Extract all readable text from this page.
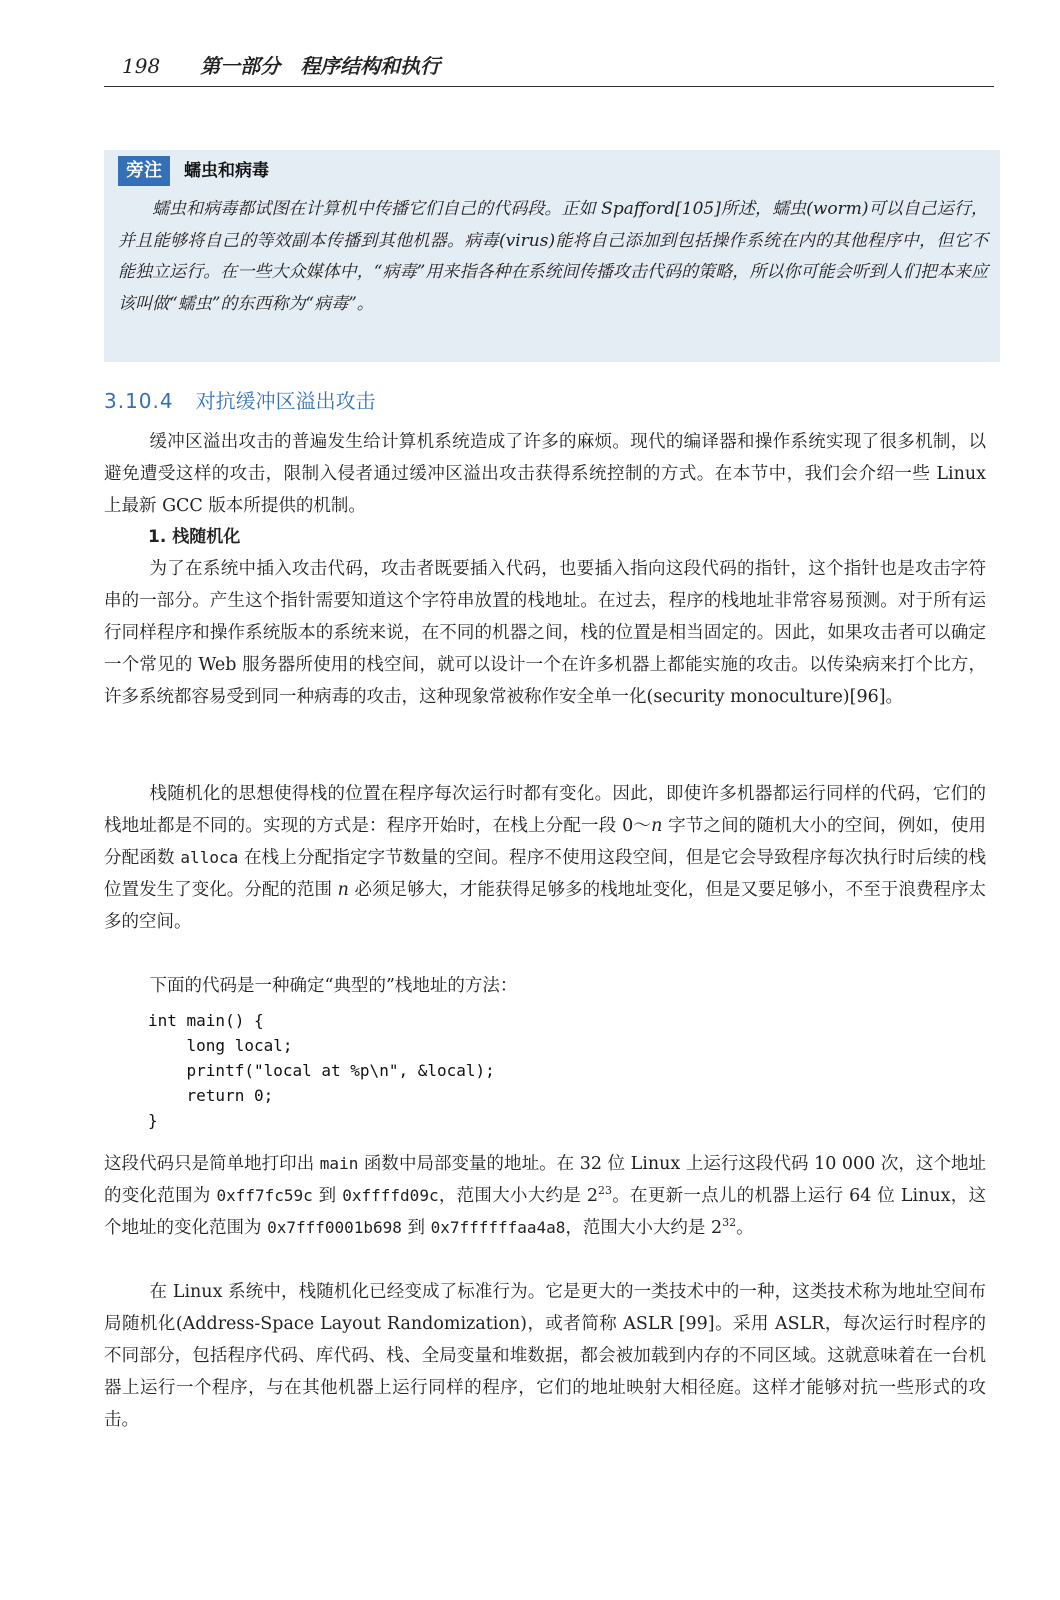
198 第一部分 程序结构和执行
旁注 蠕虫和病毒
蠕虫和病毒都试图在计算机中传播它们自己的代码段。正如 Spafford[105]所述，蠕虫(worm)可以自己运行，并且能够将自己的等效副本传播到其他机器。病毒(virus)能将自己添加到包括操作系统在内的其他程序中，但它不能独立运行。在一些大众媒体中，“病毒”用来指各种在系统间传播攻击代码的策略，所以你可能会听到人们把本来应该叫做“蠕虫”的东西称为“病毒”。
3.10.4 对抗缓冲区溢出攻击
缓冲区溢出攻击的普遍发生给计算机系统造成了许多的麻烦。现代的编译器和操作系统实现了很多机制，以避免遭受这样的攻击，限制入侵者通过缓冲区溢出攻击获得系统控制的方式。在本节中，我们会介绍一些 Linux 上最新 GCC 版本所提供的机制。
1. 栈随机化
为了在系统中插入攻击代码，攻击者既要插入代码，也要插入指向这段代码的指针，这个指针也是攻击字符串的一部分。产生这个指针需要知道这个字符串放置的栈地址。在过去，程序的栈地址非常容易预测。对于所有运行同样程序和操作系统版本的系统来说，在不同的机器之间，栈的位置是相当固定的。因此，如果攻击者可以确定一个常见的 Web 服务器所使用的栈空间，就可以设计一个在许多机器上都能实施的攻击。以传染病来打个比方，许多系统都容易受到同一种病毒的攻击，这种现象常被称作安全单一化(security monoculture)[96]。
栈随机化的思想使得栈的位置在程序每次运行时都有变化。因此，即使许多机器都运行同样的代码，它们的栈地址都是不同的。实现的方式是：程序开始时，在栈上分配一段 0～n 字节之间的随机大小的空间，例如，使用分配函数 alloca 在栈上分配指定字节数量的空间。程序不使用这段空间，但是它会导致程序每次执行时后续的栈位置发生了变化。分配的范围 n 必须足够大，才能获得足够多的栈地址变化，但是又要足够小，不至于浪费程序太多的空间。
下面的代码是一种确定“典型的”栈地址的方法：
int main() {
long local;
printf("local at %p\n", &local);
return 0;
}
这段代码只是简单地打印出 main 函数中局部变量的地址。在 32 位 Linux 上运行这段代码 10 000 次，这个地址的变化范围为 0xff7fc59c 到 0xffffd09c，范围大小大约是 $2^{23}$。在更新一点儿的机器上运行 64 位 Linux，这个地址的变化范围为 0x7fff0001b698 到 0x7ffffffaa4a8，范围大小大约是 $2^{32}$。
在 Linux 系统中，栈随机化已经变成了标准行为。它是更大的一类技术中的一种，这类技术称为地址空间布局随机化(Address-Space Layout Randomization)，或者简称 ASLR [99]。采用 ASLR，每次运行时程序的不同部分，包括程序代码、库代码、栈、全局变量和堆数据，都会被加载到内存的不同区域。这就意味着在一台机器上运行一个程序，与在其他机器上运行同样的程序，它们的地址映射大相径庭。这样才能够对抗一些形式的攻击。
